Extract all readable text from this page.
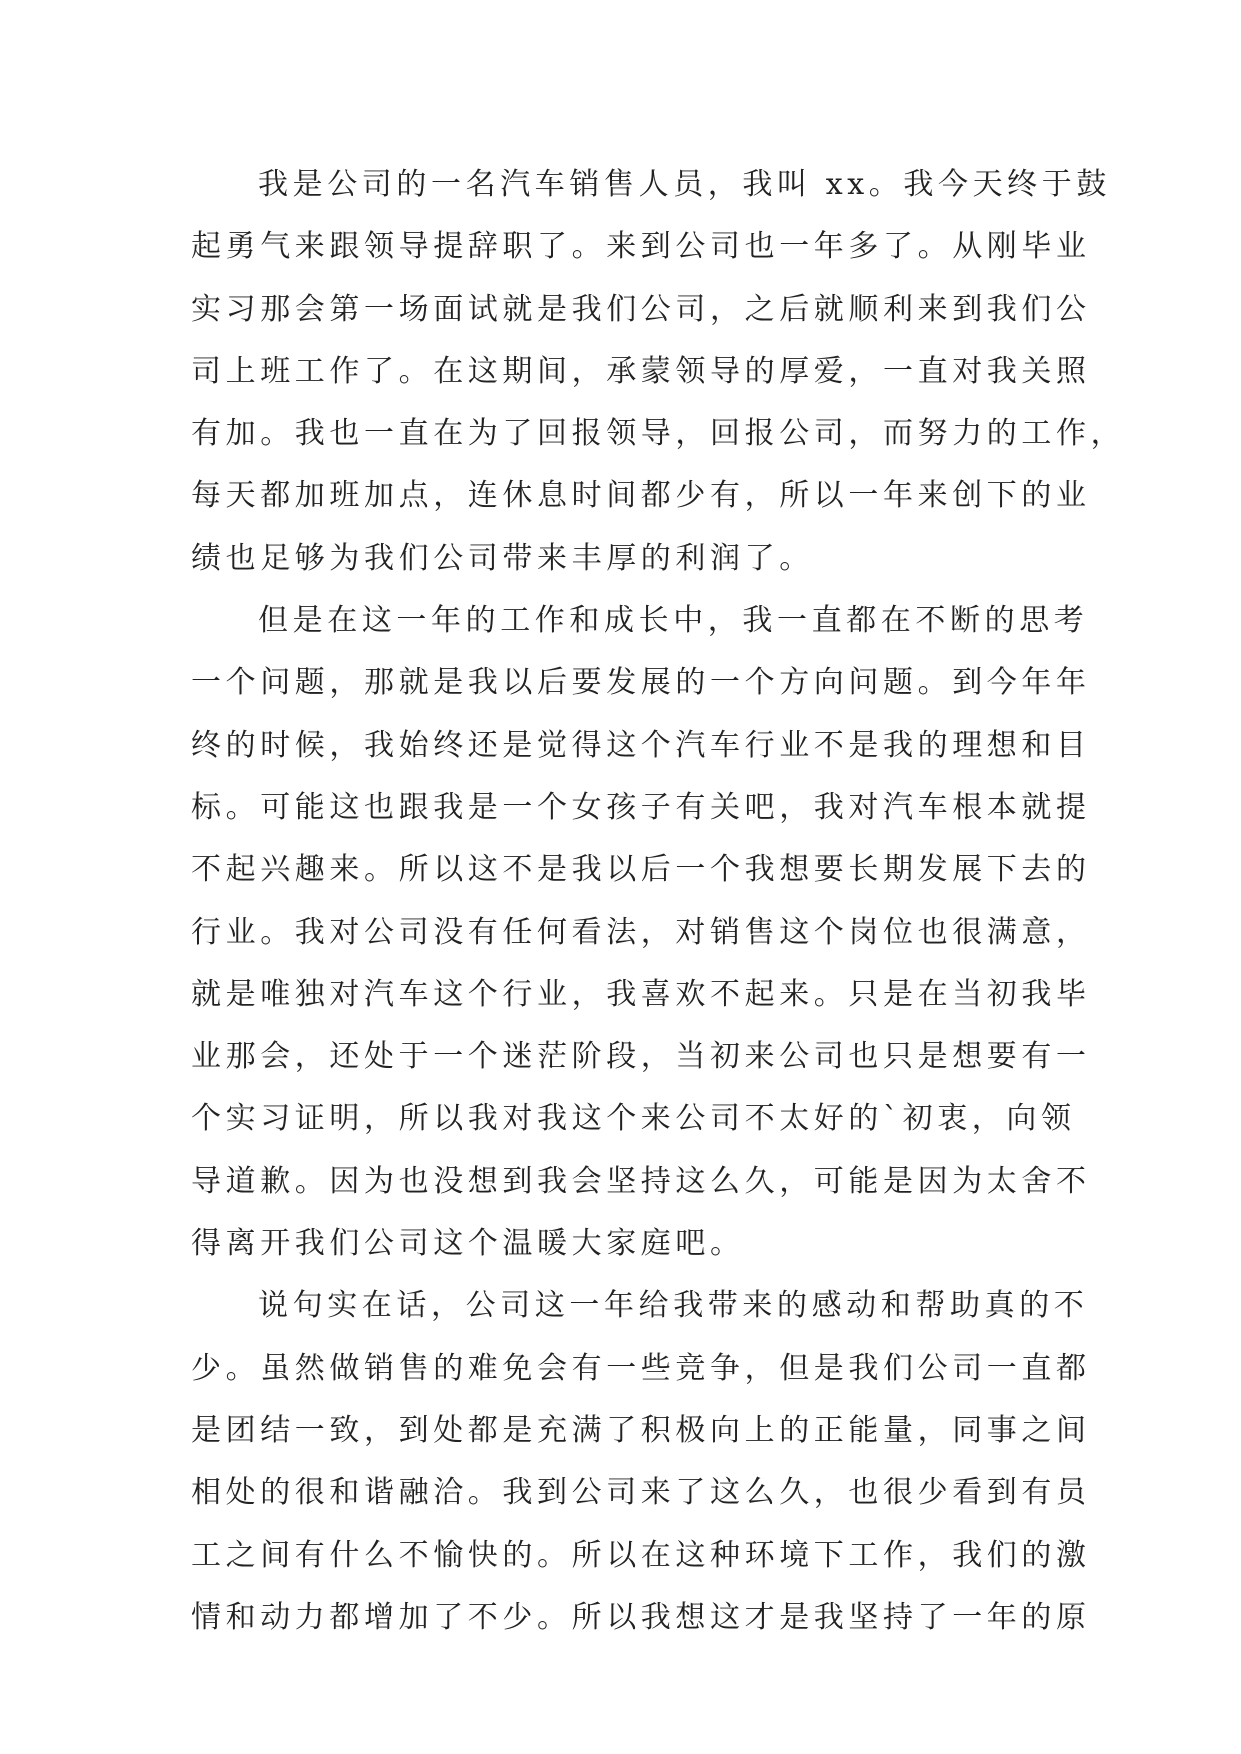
我是公司的一名汽车销售人员，我叫 xx。我今天终于鼓
起勇气来跟领导提辞职了。来到公司也一年多了。从刚毕业
实习那会第一场面试就是我们公司，之后就顺利来到我们公
司上班工作了。在这期间，承蒙领导的厚爱，一直对我关照
有加。我也一直在为了回报领导，回报公司，而努力的工作，
每天都加班加点，连休息时间都少有，所以一年来创下的业
绩也足够为我们公司带来丰厚的利润了。
但是在这一年的工作和成长中，我一直都在不断的思考
一个问题，那就是我以后要发展的一个方向问题。到今年年
终的时候，我始终还是觉得这个汽车行业不是我的理想和目
标。可能这也跟我是一个女孩子有关吧，我对汽车根本就提
不起兴趣来。所以这不是我以后一个我想要长期发展下去的
行业。我对公司没有任何看法，对销售这个岗位也很满意，
就是唯独对汽车这个行业，我喜欢不起来。只是在当初我毕
业那会，还处于一个迷茫阶段，当初来公司也只是想要有一
个实习证明，所以我对我这个来公司不太好的`初衷，向领
导道歉。因为也没想到我会坚持这么久，可能是因为太舍不
得离开我们公司这个温暖大家庭吧。
说句实在话，公司这一年给我带来的感动和帮助真的不
少。虽然做销售的难免会有一些竞争，但是我们公司一直都
是团结一致，到处都是充满了积极向上的正能量，同事之间
相处的很和谐融洽。我到公司来了这么久，也很少看到有员
工之间有什么不愉快的。所以在这种环境下工作，我们的激
情和动力都增加了不少。所以我想这才是我坚持了一年的原
